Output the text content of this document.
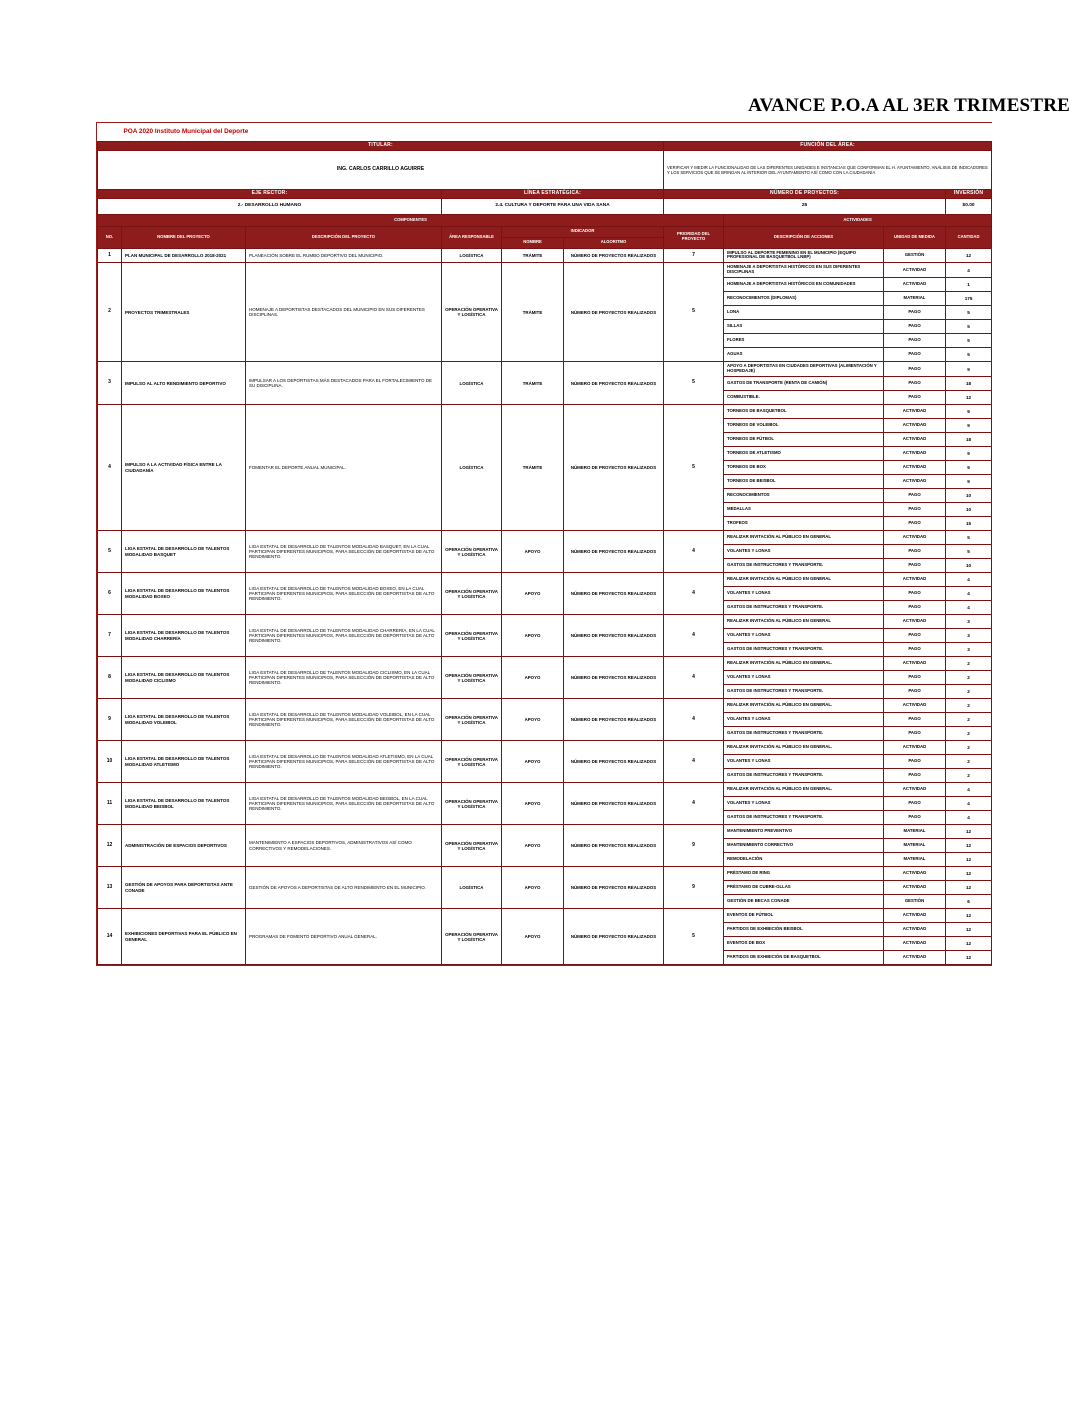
AVANCE P.O.A AL 3ER TRIMESTRE
POA 2020 Instituto Municipal del Deporte									
TITULAR:						FUNCIÓN DEL ÁREA:			
ING. CARLOS CARRILLO AGUIRRE						VERIFICAR Y MEDIR LA FUNCIONALIDAD DE LAS DIFERENTES UNIDADES E INSTANCIAS QUE CONFORMAN EL H. AYUNTAMIENTO, ANÁLISIS DE INDICADORES Y LOS SERVICIOS QUE SE BRINDAN AL INTERIOR DEL AYUNTAMIENTO ASÍ COMO CON LA CIUDADANÍA			
EJE RECTOR:			LÍNEA ESTRATÉGICA:			NÚMERO DE PROYECTOS:			INVERSIÓN
2.- DESARROLLO HUMANO			2.4. CULTURA Y DEPORTE PARA UNA VIDA SANA			25			$0.00
COMPONENTES							ACTIVIDADES		
NO.	NOMBRE DEL PROYECTO	DESCRIPCIÓN DEL PROYECTO	ÁREA RESPONSABLE	INDICADOR		PRIORIDAD DEL PROYECTO	DESCRIPCIÓN DE ACCIONES	UNIDAD DE MEDIDA	CANTIDAD
				NOMBRE	ALGORITMO				
1	PLAN MUNICIPAL DE DESARROLLO 2018-2021	PLANEACIÓN SOBRE EL RUMBO DEPORTIVO DEL MUNICIPIO.	LOGÍSTICA	TRÁMITE	NÚMERO DE PROYECTOS REALIZADOS	7	IMPULSO AL DEPORTE FEMENINO EN EL MUNICIPIO (EQUIPO PROFESIONAL DE BASQUETBOL LNBP)	GESTIÓN	12
2	PROYECTOS TRIMESTRALES	HOMENAJE A DEPORTISTAS DESTACADOS DEL MUNICIPIO EN SUS DIFERENTES DISCIPLINAS.	OPERACIÓN OPERATIVA Y LOGÍSTICA	TRÁMITE	NÚMERO DE PROYECTOS REALIZADOS	5	HOMENAJE A DEPORTISTAS HISTÓRICOS EN SUS DIFERENTES DISCIPLINAS	ACTIVIDAD	4
							HOMENAJE A DEPORTISTAS HISTÓRICOS EN COMUNIDADES	ACTIVIDAD	1
							RECONOCIMIENTOS (DIPLOMAS)	MATERIAL	175
							LONA	PAGO	5
							SILLAS	PAGO	5
							FLORES	PAGO	5
							AGUAS	PAGO	5
3	IMPULSO AL ALTO RENDIMIENTO DEPORTIVO	IMPULSAR A LOS DEPORTISTAS MÁS DESTACADOS PARA EL FORTALECIMIENTO DE SU DISCIPLINA.	LOGÍSTICA	TRÁMITE	NÚMERO DE PROYECTOS REALIZADOS	5	APOYO A DEPORTISTAS EN CIUDADES DEPORTIVAS (ALIMENTACIÓN Y HOSPEDAJE)	PAGO	9
							GASTOS DE TRANSPORTE (RENTA DE CAMIÓN)	PAGO	18
							COMBUSTIBLE.	PAGO	12
4	IMPULSO A LA ACTIVIDAD FÍSICA ENTRE LA CIUDADANÍA	FOMENTAR EL DEPORTE ANUAL MUNICIPAL.	LOGÍSTICA	TRÁMITE	NÚMERO DE PROYECTOS REALIZADOS	5	TORNEOS DE BASQUETBOL	ACTIVIDAD	9
							TORNEOS DE VOLEIBOL	ACTIVIDAD	9
							TORNEOS DE FÚTBOL	ACTIVIDAD	18
							TORNEOS DE ATLETISMO	ACTIVIDAD	9
							TORNEOS DE BOX	ACTIVIDAD	9
							TORNEOS DE BEISBOL	ACTIVIDAD	9
							RECONOCIMIENTOS	PAGO	10
							MEDALLAS	PAGO	10
							TROFEOS	PAGO	15
5	LIGA ESTATAL DE DESARROLLO DE TALENTOS MODALIDAD BASQUET	LIGA ESTATAL DE DESARROLLO DE TALENTOS MODALIDAD BASQUET, EN LA CUAL PARTICIPAN DIFERENTES MUNICIPIOS, PARA SELECCIÓN DE DEPORTISTAS DE ALTO RENDIMIENTO.	OPERACIÓN OPERATIVA Y LOGÍSTICA	APOYO	NÚMERO DE PROYECTOS REALIZADOS	4	REALIZAR INVITACIÓN AL PÚBLICO EN GENERAL	ACTIVIDAD	5
							VOLANTES Y LONAS	PAGO	5
							GASTOS DE INSTRUCTORES Y TRANSPORTE.	PAGO	10
6	LIGA ESTATAL DE DESARROLLO DE TALENTOS MODALIDAD BOXEO	LIGA ESTATAL DE DESARROLLO DE TALENTOS MODALIDAD BOXEO, EN LA CUAL PARTICIPAN DIFERENTES MUNICIPIOS, PARA SELECCIÓN DE DEPORTISTAS DE ALTO RENDIMIENTO.	OPERACIÓN OPERATIVA Y LOGÍSTICA	APOYO	NÚMERO DE PROYECTOS REALIZADOS	4	REALIZAR INVITACIÓN AL PÚBLICO EN GENERAL	ACTIVIDAD	4
							VOLANTES Y LONAS	PAGO	4
							GASTOS DE INSTRUCTORES Y TRANSPORTE.	PAGO	4
7	LIGA ESTATAL DE DESARROLLO DE TALENTOS MODALIDAD CHARRERÍA	LIGA ESTATAL DE DESARROLLO DE TALENTOS MODALIDAD CHARRERÍA, EN LA CUAL PARTICIPAN DIFERENTES MUNICIPIOS, PARA SELECCIÓN DE DEPORTISTAS DE ALTO RENDIMIENTO.	OPERACIÓN OPERATIVA Y LOGÍSTICA	APOYO	NÚMERO DE PROYECTOS REALIZADOS	4	REALIZAR INVITACIÓN AL PÚBLICO EN GENERAL	ACTIVIDAD	3
							VOLANTES Y LONAS	PAGO	3
							GASTOS DE INSTRUCTORES Y TRANSPORTE.	PAGO	3
8	LIGA ESTATAL DE DESARROLLO DE TALENTOS MODALIDAD CICLISMO	LIGA ESTATAL DE DESARROLLO DE TALENTOS MODALIDAD CICLISMO, EN LA CUAL PARTICIPAN DIFERENTES MUNICIPIOS, PARA SELECCIÓN DE DEPORTISTAS DE ALTO RENDIMIENTO.	OPERACIÓN OPERATIVA Y LOGÍSTICA	APOYO	NÚMERO DE PROYECTOS REALIZADOS	4	REALIZAR INVITACIÓN AL PÚBLICO EN GENERAL.	ACTIVIDAD	2
							VOLANTES Y LONAS	PAGO	2
							GASTOS DE INSTRUCTORES Y TRANSPORTE.	PAGO	2
9	LIGA ESTATAL DE DESARROLLO DE TALENTOS MODALIDAD VOLEIBOL	LIGA ESTATAL DE DESARROLLO DE TALENTOS MODALIDAD VOLEIBOL, EN LA CUAL PARTICIPAN DIFERENTES MUNICIPIOS, PARA SELECCIÓN DE DEPORTISTAS DE ALTO RENDIMIENTO.	OPERACIÓN OPERATIVA Y LOGÍSTICA	APOYO	NÚMERO DE PROYECTOS REALIZADOS	4	REALIZAR INVITACIÓN AL PÚBLICO EN GENERAL.	ACTIVIDAD	2
							VOLANTES Y LONAS	PAGO	2
							GASTOS DE INSTRUCTORES Y TRANSPORTE.	PAGO	2
10	LIGA ESTATAL DE DESARROLLO DE TALENTOS MODALIDAD ATLETISMO	LIGA ESTATAL DE DESARROLLO DE TALENTOS MODALIDAD ATLETISMO, EN LA CUAL PARTICIPAN DIFERENTES MUNICIPIOS, PARA SELECCIÓN DE DEPORTISTAS DE ALTO RENDIMIENTO.	OPERACIÓN OPERATIVA Y LOGÍSTICA	APOYO	NÚMERO DE PROYECTOS REALIZADOS	4	REALIZAR INVITACIÓN AL PÚBLICO EN GENERAL.	ACTIVIDAD	2
							VOLANTES Y LONAS	PAGO	2
							GASTOS DE INSTRUCTORES Y TRANSPORTE.	PAGO	2
11	LIGA ESTATAL DE DESARROLLO DE TALENTOS MODALIDAD BEISBOL	LIGA ESTATAL DE DESARROLLO DE TALENTOS MODALIDAD BEISBOL, EN LA CUAL PARTICIPAN DIFERENTES MUNICIPIOS, PARA SELECCIÓN DE DEPORTISTAS DE ALTO RENDIMIENTO.	OPERACIÓN OPERATIVA Y LOGÍSTICA	APOYO	NÚMERO DE PROYECTOS REALIZADOS	4	REALIZAR INVITACIÓN AL PÚBLICO EN GENERAL.	ACTIVIDAD	4
							VOLANTES Y LONAS	PAGO	4
							GASTOS DE INSTRUCTORES Y TRANSPORTE.	PAGO	4
12	ADMINISTRACIÓN DE ESPACIOS DEPORTIVOS	MANTENIMIENTO A ESPACIOS DEPORTIVOS, ADMINISTRATIVOS ASÍ COMO CORRECTIVOS Y REMODELACIONES.	OPERACIÓN OPERATIVA Y LOGÍSTICA	APOYO	NÚMERO DE PROYECTOS REALIZADOS	9	MANTENIMIENTO PREVENTIVO	MATERIAL	12
							MANTENIMIENTO CORRECTIVO	MATERIAL	12
							REMODELACIÓN	MATERIAL	12
13	GESTIÓN DE APOYOS PARA DEPORTISTAS ANTE CONADE	GESTIÓN DE APOYOS A DEPORTISTAS DE ALTO RENDIMIENTO EN EL MUNICIPIO.	LOGÍSTICA	APOYO	NÚMERO DE PROYECTOS REALIZADOS	9	PRÉSTAMO DE RING	ACTIVIDAD	12
							PRÉSTAMO DE CUBRE-OLLAS	ACTIVIDAD	12
							GESTIÓN DE BECAS CONADE	GESTIÓN	6
14	EXHIBICIONES DEPORTIVAS PARA EL PÚBLICO EN GENERAL	PROGRAMAS DE FOMENTO DEPORTIVO ANUAL GENERAL.	OPERACIÓN OPERATIVA Y LOGÍSTICA	APOYO	NÚMERO DE PROYECTOS REALIZADOS	5	EVENTOS DE FÚTBOL	ACTIVIDAD	12
							PARTIDOS DE EXHIBICIÓN BEISBOL	ACTIVIDAD	12
							EVENTOS DE BOX	ACTIVIDAD	12
							PARTIDOS DE EXHIBICIÓN DE BASQUETBOL	ACTIVIDAD	12
